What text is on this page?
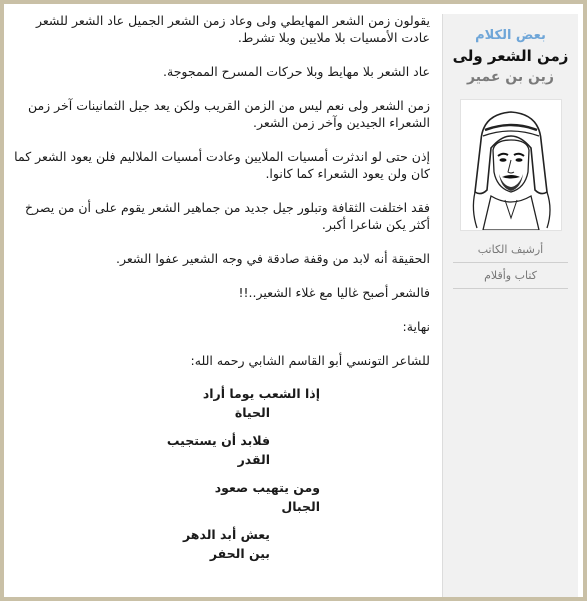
يقولون زمن الشعر المهايطي ولى وعاد زمن الشعر الجميل عاد الشعر للشعر عادت الأمسيات بلا ملايين وبلا تشرط.

عاد الشعر بلا مهايط وبلا حركات المسرح الممجوجة.

زمن الشعر ولى نعم ليس من الزمن القريب ولكن يعد جيل الثمانينات آخر زمن الشعراء الجيدين وآخر زمن الشعر.

إذن حتى لو اندثرت أمسيات الملايين وعادت أمسيات الملاليم فلن يعود الشعر كما كان ولن يعود الشعراء كما كانوا.

فقد اختلفت الثقافة وتبلور جيل جديد من جماهير الشعر يقوم على أن من يصرخ أكثر يكن شاعرا أكبر.

الحقيقة أنه لابد من وقفة صادقة في وجه الشعير عفوا الشعر.

فالشعر أصبح غاليا مع غلاء الشعير..!!

نهاية:

للشاعر التونسي أبو القاسم الشابي رحمه الله:

إذا الشعب يوما أراد
الحياة
فلابد أن يستجيب
القدر
ومن يتهيب صعود
الجبال
يعش أبد الدهر
بين الحفر
بعض الكلام
زمن الشعر ولى
زين بن عمير
أرشيف الكاتب
كتاب وأقلام
